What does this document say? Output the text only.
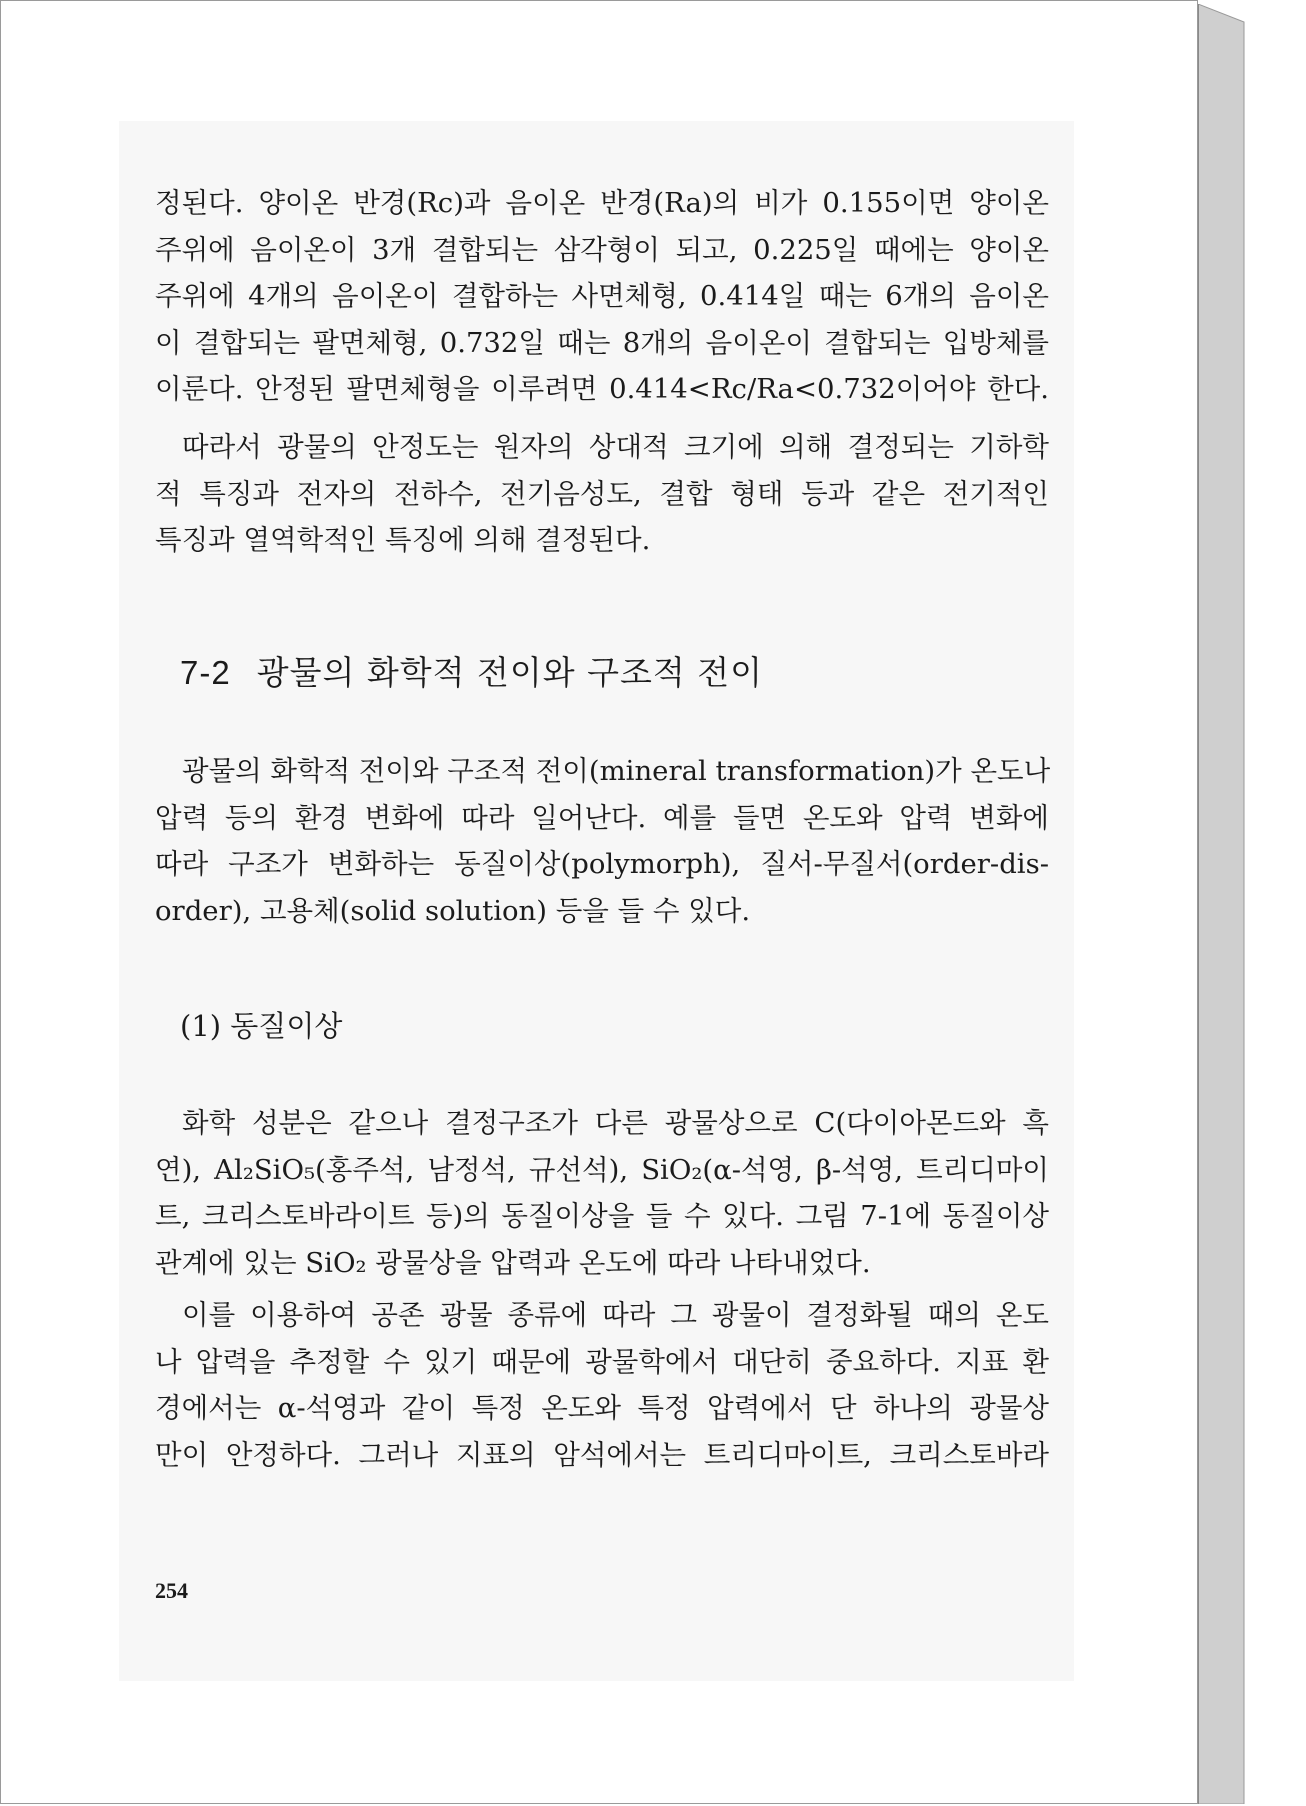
정된다. 양이온 반경(Rc)과 음이온 반경(Ra)의 비가 0.155이면 양이온
주위에 음이온이 3개 결합되는 삼각형이 되고, 0.225일 때에는 양이온
주위에 4개의 음이온이 결합하는 사면체형, 0.414일 때는 6개의 음이온
이 결합되는 팔면체형, 0.732일 때는 8개의 음이온이 결합되는 입방체를
이룬다. 안정된 팔면체형을 이루려면 0.414<Rc/Ra<0.732이어야 한다.

따라서 광물의 안정도는 원자의 상대적 크기에 의해 결정되는 기하학
적 특징과 전자의 전하수, 전기음성도, 결합 형태 등과 같은 전기적인
특징과 열역학적인 특징에 의해 결정된다.

7-2 광물의 화학적 전이와 구조적 전이

광물의 화학적 전이와 구조적 전이(mineral transformation)가 온도나
압력 등의 환경 변화에 따라 일어난다. 예를 들면 온도와 압력 변화에
따라 구조가 변화하는 동질이상(polymorph), 질서-무질서(order-dis-
order), 고용체(solid solution) 등을 들 수 있다.

(1) 동질이상

화학 성분은 같으나 결정구조가 다른 광물상으로 C(다이아몬드와 흑
연), Al₂SiO₅(홍주석, 남정석, 규선석), SiO₂(α-석영, β-석영, 트리디마이
트, 크리스토바라이트 등)의 동질이상을 들 수 있다. 그림 7-1에 동질이상
관계에 있는 SiO₂ 광물상을 압력과 온도에 따라 나타내었다.

이를 이용하여 공존 광물 종류에 따라 그 광물이 결정화될 때의 온도
나 압력을 추정할 수 있기 때문에 광물학에서 대단히 중요하다. 지표 환
경에서는 α-석영과 같이 특정 온도와 특정 압력에서 단 하나의 광물상
만이 안정하다. 그러나 지표의 암석에서는 트리디마이트, 크리스토바라

254
